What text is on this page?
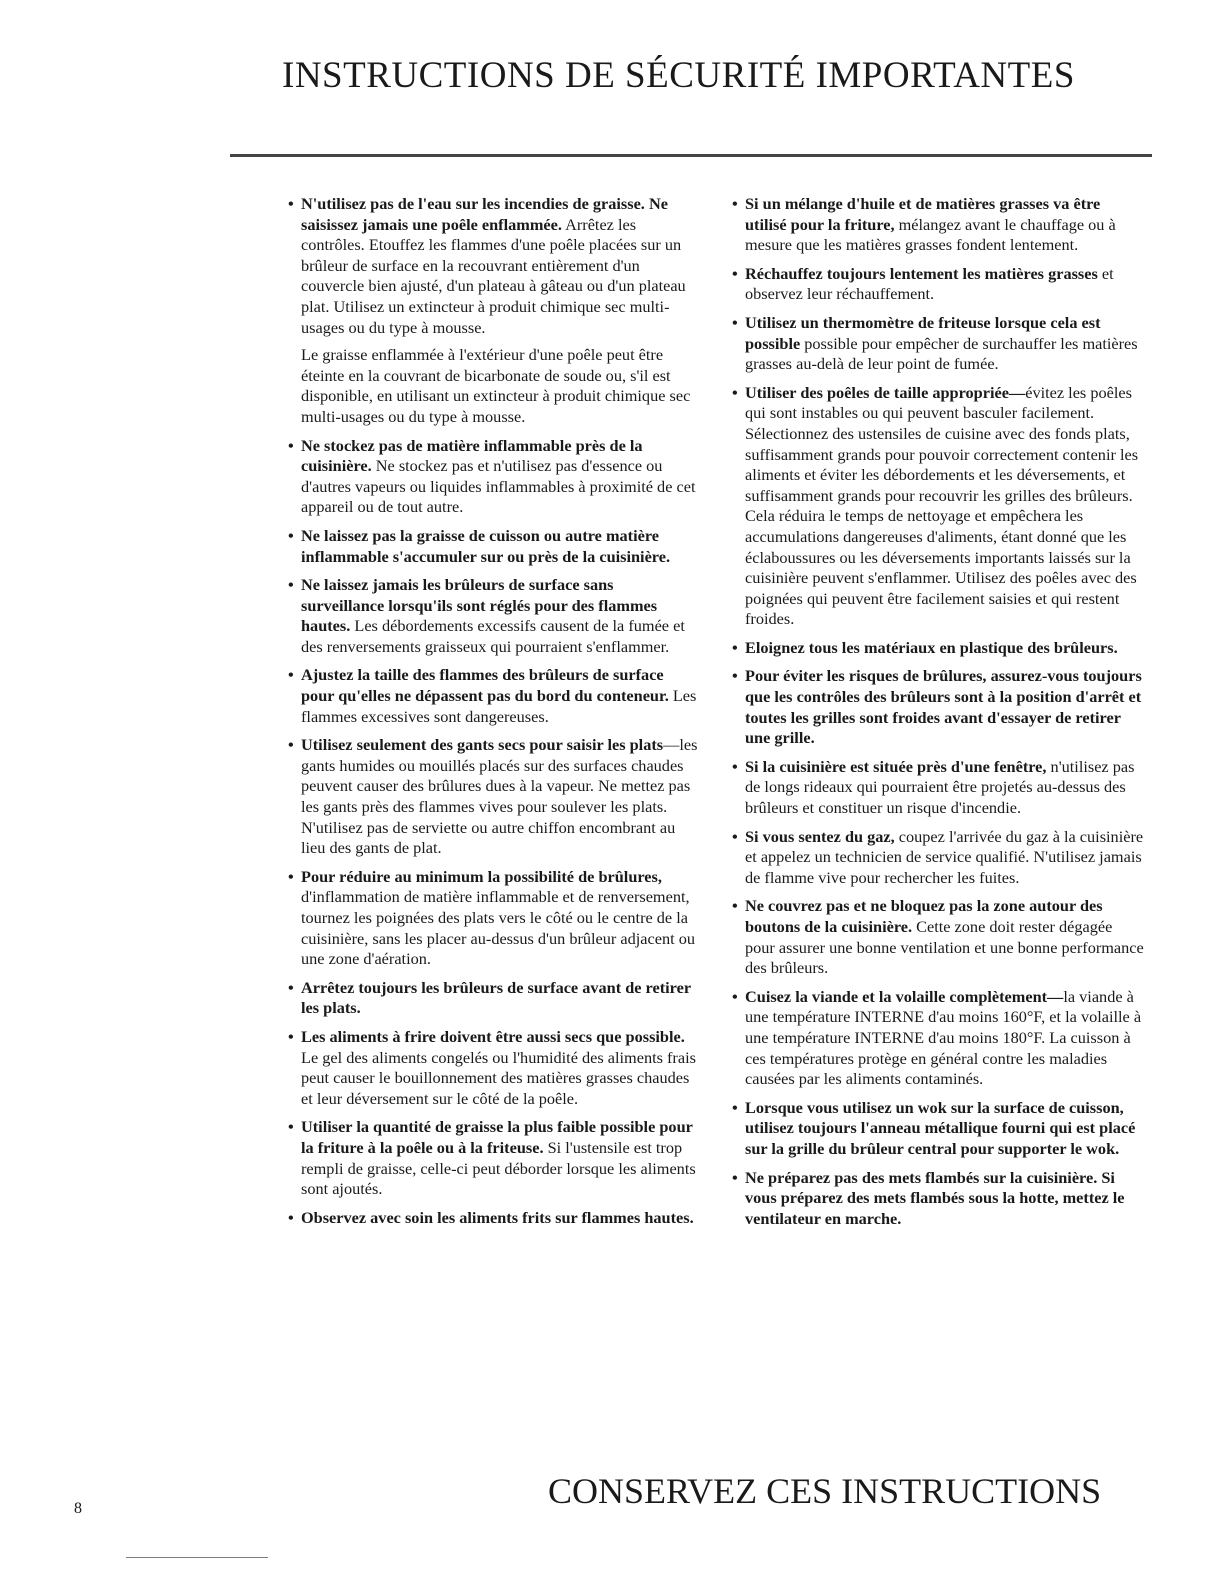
INSTRUCTIONS DE SÉCURITÉ IMPORTANTES
• N'utilisez pas de l'eau sur les incendies de graisse. Ne saisissez jamais une poêle enflammée. Arrêtez les contrôles. Etouffez les flammes d'une poêle placées sur un brûleur de surface en la recouvrant entièrement d'un couvercle bien ajusté, d'un plateau à gâteau ou d'un plateau plat. Utilisez un extincteur à produit chimique sec multi-usages ou du type à mousse.

Le graisse enflammée à l'extérieur d'une poêle peut être éteinte en la couvrant de bicarbonate de soude ou, s'il est disponible, en utilisant un extincteur à produit chimique sec multi-usages ou du type à mousse.

• Ne stockez pas de matière inflammable près de la cuisinière. Ne stockez pas et n'utilisez pas d'essence ou d'autres vapeurs ou liquides inflammables à proximité de cet appareil ou de tout autre.

• Ne laissez pas la graisse de cuisson ou autre matière inflammable s'accumuler sur ou près de la cuisinière.

• Ne laissez jamais les brûleurs de surface sans surveillance lorsqu'ils sont réglés pour des flammes hautes. Les débordements excessifs causent de la fumée et des renversements graisseux qui pourraient s'enflammer.

• Ajustez la taille des flammes des brûleurs de surface pour qu'elles ne dépassent pas du bord du conteneur. Les flammes excessives sont dangereuses.

• Utilisez seulement des gants secs pour saisir les plats—les gants humides ou mouillés placés sur des surfaces chaudes peuvent causer des brûlures dues à la vapeur. Ne mettez pas les gants près des flammes vives pour soulever les plats. N'utilisez pas de serviette ou autre chiffon encombrant au lieu des gants de plat.

• Pour réduire au minimum la possibilité de brûlures, d'inflammation de matière inflammable et de renversement, tournez les poignées des plats vers le côté ou le centre de la cuisinière, sans les placer au-dessus d'un brûleur adjacent ou une zone d'aération.

• Arrêtez toujours les brûleurs de surface avant de retirer les plats.

• Les aliments à frire doivent être aussi secs que possible. Le gel des aliments congelés ou l'humidité des aliments frais peut causer le bouillonnement des matières grasses chaudes et leur déversement sur le côté de la poêle.

• Utiliser la quantité de graisse la plus faible possible pour la friture à la poêle ou à la friteuse. Si l'ustensile est trop rempli de graisse, celle-ci peut déborder lorsque les aliments sont ajoutés.

• Observez avec soin les aliments frits sur flammes hautes.

• Si un mélange d'huile et de matières grasses va être utilisé pour la friture, mélangez avant le chauffage ou à mesure que les matières grasses fondent lentement.

• Réchauffez toujours lentement les matières grasses et observez leur réchauffement.

• Utilisez un thermomètre de friteuse lorsque cela est possible possible pour empêcher de surchauffer les matières grasses au-delà de leur point de fumée.

• Utiliser des poêles de taille appropriée—évitez les poêles qui sont instables ou qui peuvent basculer facilement. Sélectionnez des ustensiles de cuisine avec des fonds plats, suffisamment grands pour pouvoir correctement contenir les aliments et éviter les débordements et les déversements, et suffisamment grands pour recouvrir les grilles des brûleurs. Cela réduira le temps de nettoyage et empêchera les accumulations dangereuses d'aliments, étant donné que les éclaboussures ou les déversements importants laissés sur la cuisinière peuvent s'enflammer. Utilisez des poêles avec des poignées qui peuvent être facilement saisies et qui restent froides.

• Eloignez tous les matériaux en plastique des brûleurs.

• Pour éviter les risques de brûlures, assurez-vous toujours que les contrôles des brûleurs sont à la position d'arrêt et toutes les grilles sont froides avant d'essayer de retirer une grille.

• Si la cuisinière est située près d'une fenêtre, n'utilisez pas de longs rideaux qui pourraient être projetés au-dessus des brûleurs et constituer un risque d'incendie.

• Si vous sentez du gaz, coupez l'arrivée du gaz à la cuisinière et appelez un technicien de service qualifié. N'utilisez jamais de flamme vive pour rechercher les fuites.

• Ne couvrez pas et ne bloquez pas la zone autour des boutons de la cuisinière. Cette zone doit rester dégagée pour assurer une bonne ventilation et une bonne performance des brûleurs.

• Cuisez la viande et la volaille complètement—la viande à une température INTERNE d'au moins 160°F, et la volaille à une température INTERNE d'au moins 180°F. La cuisson à ces températures protège en général contre les maladies causées par les aliments contaminés.

• Lorsque vous utilisez un wok sur la surface de cuisson, utilisez toujours l'anneau métallique fourni qui est placé sur la grille du brûleur central pour supporter le wok.

• Ne préparez pas des mets flambés sur la cuisinière. Si vous préparez des mets flambés sous la hotte, mettez le ventilateur en marche.

CONSERVEZ CES INSTRUCTIONS
8
